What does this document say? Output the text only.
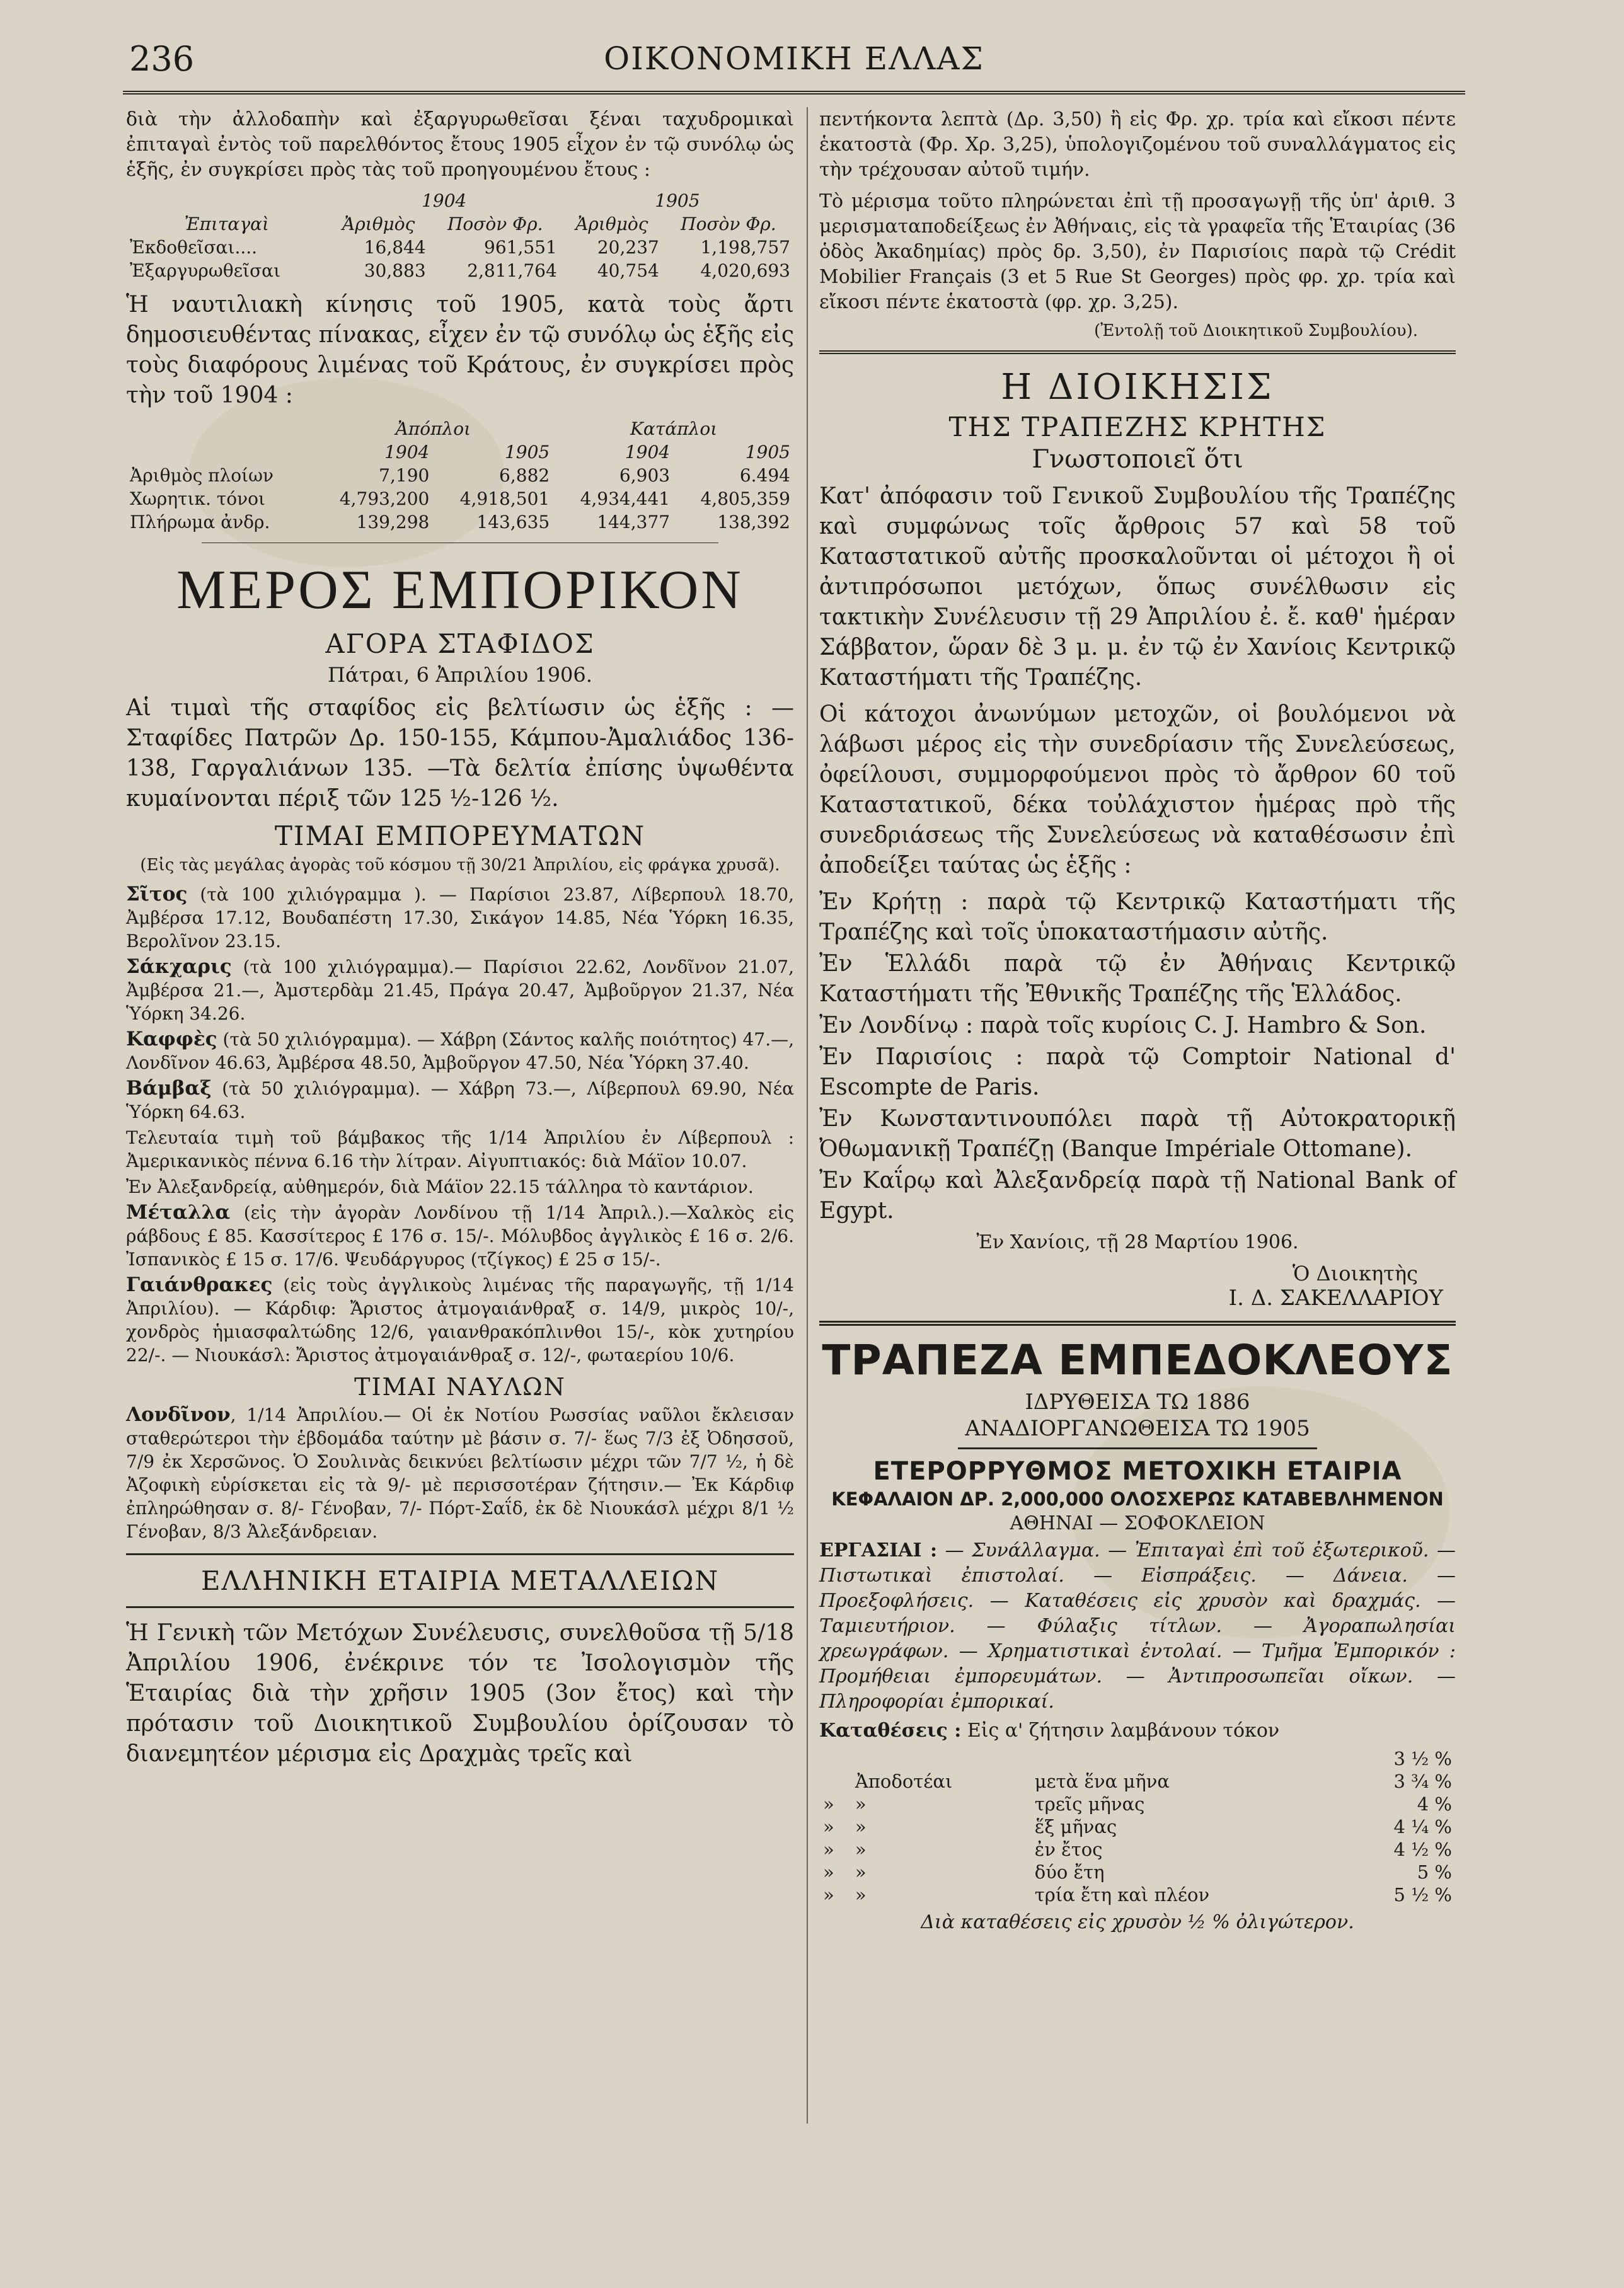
236	ΟΙΚΟΝΟΜΙΚΗ ΕΛΛΑΣ

διὰ τὴν ἀλλοδαπὴν καὶ ἐξαργυρωθεῖσαι ξέναι ταχυδρομικαὶ ἐπιταγαὶ ἐντὸς τοῦ παρελθόντος ἔτους 1905 εἶχον ἐν τῷ συνόλῳ ὡς ἑξῆς, ἐν συγκρίσει πρὸς τὰς τοῦ προηγουμένου ἔτους :

	1904		1905	
Ἐπιταγαὶ	Ἀριθμὸς	Ποσὸν Φρ.	Ἀριθμὸς	Ποσὸν Φρ.
Ἐκδοθεῖσαι....	16,844	961,551	20,237	1,198,757
Ἐξαργυρωθεῖσαι	30,883	2,811,764	40,754	4,020,693

Ἡ ναυτιλιακὴ κίνησις τοῦ 1905, κατὰ τοὺς ἄρτι δημοσιευθέντας πίνακας, εἶχεν ἐν τῷ συνόλῳ ὡς ἑξῆς εἰς τοὺς διαφόρους λιμένας τοῦ Κράτους, ἐν συγκρίσει πρὸς τὴν τοῦ 1904 :

	Ἀπόπλοι		Κατάπλοι	
	1904	1905	1904	1905
Ἀριθμὸς πλοίων	7,190	6,882	6,903	6.494
Χωρητικ. τόνοι	4,793,200	4,918,501	4,934,441	4,805,359
Πλήρωμα ἀνδρ.	139,298	143,635	144,377	138,392
ΜΕΡΟΣ ΕΜΠΟΡΙΚΟΝ
ΑΓΟΡΑ ΣΤΑΦΙΔΟΣ
Πάτραι, 6 Ἀπριλίου 1906.

Αἱ τιμαὶ τῆς σταφίδος εἰς βελτίωσιν ὡς ἑξῆς : — Σταφίδες Πατρῶν Δρ. 150-155, Κάμπου-Ἀμαλιάδος 136-138, Γαργαλιάνων 135. —Τὰ δελτία ἐπίσης ὑψωθέντα κυμαίνονται πέριξ τῶν 125 ½-126 ½.

ΤΙΜΑΙ ΕΜΠΟΡΕΥΜΑΤΩΝ
(Εἰς τὰς μεγάλας ἀγορὰς τοῦ κόσμου τῇ 30/21 Ἀπριλίου, εἰς φράγκα χρυσᾶ).
Σῖτος (τὰ 100 χιλιόγραμμα ). — Παρίσιοι 23.87, Λίβερπουλ 18.70, Ἀμβέρσα 17.12, Βουδαπέστη 17.30, Σικάγον 14.85, Νέα Ὑόρκη 16.35, Βερολῖνον 23.15.
Σάκχαρις (τὰ 100 χιλιόγραμμα).— Παρίσιοι 22.62, Λονδῖνον 21.07, Ἀμβέρσα 21.—, Ἀμστερδὰμ 21.45, Πράγα 20.47, Ἀμβοῦργον 21.37, Νέα Ὑόρκη 34.26.
Καφφὲς (τὰ 50 χιλιόγραμμα). — Χάβρη (Σάντος καλῆς ποιότητος) 47.—, Λονδῖνον 46.63, Ἀμβέρσα 48.50, Ἀμβοῦργον 47.50, Νέα Ὑόρκη 37.40.
Βάμβαξ (τὰ 50 χιλιόγραμμα). — Χάβρη 73.—, Λίβερπουλ 69.90, Νέα Ὑόρκη 64.63.
Τελευταία τιμὴ τοῦ βάμβακος τῆς 1/14 Ἀπριλίου ἐν Λίβερπουλ : Ἀμερικανικὸς πέννα 6.16 τὴν λίτραν. Αἰγυπτιακός: διὰ Μάϊον 10.07.
Ἐν Ἀλεξανδρείᾳ, αὐθημερόν, διὰ Μάϊον 22.15 τάλληρα τὸ καντάριον.
Μέταλλα (εἰς τὴν ἀγορὰν Λονδίνου τῇ 1/14 Ἀπριλ.).—Χαλκὸς εἰς ράβδους £ 85. Κασσίτερος £ 176 σ. 15/-. Μόλυβδος ἀγγλικὸς £ 16 σ. 2/6. Ἰσπανικὸς £ 15 σ. 17/6. Ψευδάργυρος (τζίγκος) £ 25 σ 15/-.
Γαιάνθρακες (εἰς τοὺς ἀγγλικοὺς λιμένας τῆς παραγωγῆς, τῇ 1/14 Ἀπριλίου). — Κάρδιφ: Ἄριστος ἀτμογαιάνθραξ σ. 14/9, μικρὸς 10/-, χονδρὸς ἡμιασφαλτώδης 12/6, γαιανθρακόπλινθοι 15/-, κὸκ χυτηρίου 22/-. — Νιουκάσλ: Ἄριστος ἀτμογαιάνθραξ σ. 12/-, φωταερίου 10/6.
ΤΙΜΑΙ ΝΑΥΛΩΝ
Λονδῖνον, 1/14 Ἀπριλίου.— Οἱ ἐκ Νοτίου Ρωσσίας ναῦλοι ἔκλεισαν σταθερώτεροι τὴν ἑβδομάδα ταύτην μὲ βάσιν σ. 7/- ἕως 7/3 ἐξ Ὀδησσοῦ, 7/9 ἐκ Χερσῶνος. Ὁ Σουλινὰς δεικνύει βελτίωσιν μέχρι τῶν 7/7 ½, ἡ δὲ Ἀζοφικὴ εὑρίσκεται εἰς τὰ 9/- μὲ περισσοτέραν ζήτησιν.— Ἐκ Κάρδιφ ἐπληρώθησαν σ. 8/- Γένοβαν, 7/- Πόρτ-Σαΐδ, ἐκ δὲ Νιουκάσλ μέχρι 8/1 ½ Γένοβαν, 8/3 Ἀλεξάνδρειαν.
ΕΛΛΗΝΙΚΗ ΕΤΑΙΡΙΑ ΜΕΤΑΛΛΕΙΩΝ

Ἡ Γενικὴ τῶν Μετόχων Συνέλευσις, συνελθοῦσα τῇ 5/18 Ἀπριλίου 1906, ἐνέκρινε τόν τε Ἰσολογισμὸν τῆς Ἑταιρίας διὰ τὴν χρῆσιν 1905 (3ον ἔτος) καὶ τὴν πρότασιν τοῦ Διοικητικοῦ Συμβουλίου ὁρίζουσαν τὸ διανεμητέον μέρισμα εἰς Δραχμὰς τρεῖς καὶ

πεντήκοντα λεπτὰ (Δρ. 3,50) ἢ εἰς Φρ. χρ. τρία καὶ εἴκοσι πέντε ἑκατοστὰ (Φρ. Χρ. 3,25), ὑπολογιζομένου τοῦ συναλλάγματος εἰς τὴν τρέχουσαν αὐτοῦ τιμήν.

Τὸ μέρισμα τοῦτο πληρώνεται ἐπὶ τῇ προσαγωγῇ τῆς ὑπ' ἀριθ. 3 μερισματαποδείξεως ἐν Ἀθήναις, εἰς τὰ γραφεῖα τῆς Ἑταιρίας (36 ὁδὸς Ἀκαδημίας) πρὸς δρ. 3,50), ἐν Παρισίοις παρὰ τῷ Crédit Mobilier Français (3 et 5 Rue St Georges) πρὸς φρ. χρ. τρία καὶ εἴκοσι πέντε ἑκατοστὰ (φρ. χρ. 3,25).

(Ἐντολῇ τοῦ Διοικητικοῦ Συμβουλίου).
Η ΔΙΟΙΚΗΣΙΣ
ΤΗΣ ΤΡΑΠΕΖΗΣ ΚΡΗΤΗΣ
Γνωστοποιεῖ ὅτι

Κατ' ἀπόφασιν τοῦ Γενικοῦ Συμβουλίου τῆς Τραπέζης καὶ συμφώνως τοῖς ἄρθροις 57 καὶ 58 τοῦ Καταστατικοῦ αὐτῆς προσκαλοῦνται οἱ μέτοχοι ἢ οἱ ἀντιπρόσωποι μετόχων, ὅπως συνέλθωσιν εἰς τακτικὴν Συνέλευσιν τῇ 29 Ἀπριλίου ἐ. ἔ. καθ' ἡμέραν Σάββατον, ὥραν δὲ 3 μ. μ. ἐν τῷ ἐν Χανίοις Κεντρικῷ Καταστήματι τῆς Τραπέζης.

Οἱ κάτοχοι ἀνωνύμων μετοχῶν, οἱ βουλόμενοι νὰ λάβωσι μέρος εἰς τὴν συνεδρίασιν τῆς Συνελεύσεως, ὀφείλουσι, συμμορφούμενοι πρὸς τὸ ἄρθρον 60 τοῦ Καταστατικοῦ, δέκα τοὐλάχιστον ἡμέρας πρὸ τῆς συνεδριάσεως τῆς Συνελεύσεως νὰ καταθέσωσιν ἐπὶ ἀποδείξει ταύτας ὡς ἑξῆς :

Ἐν Κρήτῃ : παρὰ τῷ Κεντρικῷ Καταστήματι τῆς Τραπέζης καὶ τοῖς ὑποκαταστήμασιν αὐτῆς.

Ἐν Ἑλλάδι παρὰ τῷ ἐν Ἀθήναις Κεντρικῷ Καταστήματι τῆς Ἐθνικῆς Τραπέζης τῆς Ἑλλάδος.

Ἐν Λονδίνῳ : παρὰ τοῖς κυρίοις C. J. Hambro & Son.

Ἐν Παρισίοις : παρὰ τῷ Comptoir National d' Escompte de Paris.

Ἐν Κωνσταντινουπόλει παρὰ τῇ Αὐτοκρατορικῇ Ὀθωμανικῇ Τραπέζῃ (Banque Impériale Ottomane).

Ἐν Καΐρῳ καὶ Ἀλεξανδρείᾳ παρὰ τῇ National Bank of Egypt.

Ἐν Χανίοις, τῇ 28 Μαρτίου 1906.

Ὁ Διοικητὴς
Ι. Δ. ΣΑΚΕΛΛΑΡΙΟΥ
ΤΡΑΠΕΖΑ ΕΜΠΕΔΟΚΛΕΟΥΣ
ΙΔΡΥΘΕΙΣΑ ΤΩ 1886
ΑΝΑΔΙΟΡΓΑΝΩΘΕΙΣΑ ΤΩ 1905
ΕΤΕΡΟΡΡΥΘΜΟΣ ΜΕΤΟΧΙΚΗ ΕΤΑΙΡΙΑ
ΚΕΦΑΛΑΙΟΝ ΔΡ. 2,000,000 ΟΛΟΣΧΕΡΩΣ ΚΑΤΑΒΕΒΛΗΜΕΝΟΝ
ΑΘΗΝΑΙ — ΣΟΦΟΚΛΕΙΟΝ
ΕΡΓΑΣΙΑΙ : — Συνάλλαγμα. — Ἐπιταγαὶ ἐπὶ τοῦ ἐξωτερικοῦ. — Πιστωτικαὶ ἐπιστολαί. — Εἰσπράξεις. — Δάνεια. — Προεξοφλήσεις. — Καταθέσεις εἰς χρυσὸν καὶ δραχμάς. — Ταμιευτήριον. — Φύλαξις τίτλων. — Ἀγοραπωλησίαι χρεωγράφων. — Χρηματιστικαὶ ἐντολαί. — Τμῆμα Ἐμπορικόν : Προμήθειαι ἐμπορευμάτων. — Ἀντιπροσωπεῖαι οἴκων. — Πληροφορίαι ἐμπορικαί.
Καταθέσεις : Εἰς α' ζήτησιν λαμβάνουν τόκον
			3 ½ %
	Ἀποδοτέαι	μετὰ ἕνα μῆνα	3 ¾ %
»	»	τρεῖς μῆνας	4 %
»	»	ἕξ μῆνας	4 ¼ %
»	»	ἐν ἔτος	4 ½ %
»	»	δύο ἔτη	5 %
»	»	τρία ἔτη καὶ πλέον	5 ½ %
Διὰ καταθέσεις εἰς χρυσὸν ½ % ὀλιγώτερον.
